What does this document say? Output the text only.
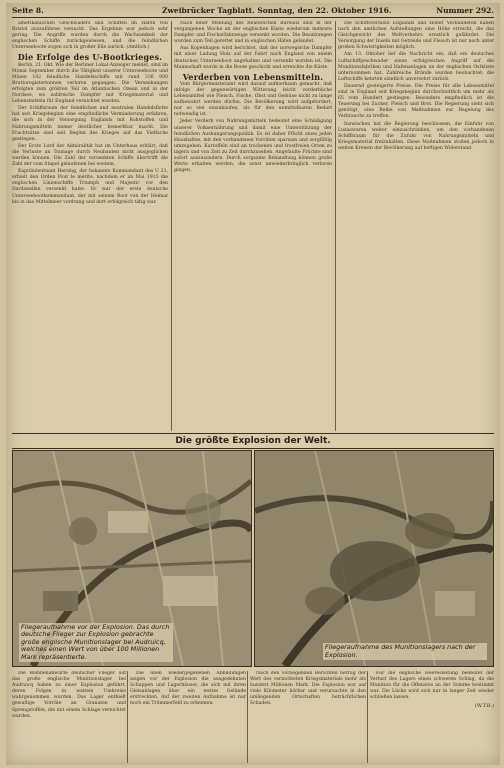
Seite 8.	Zweibrücker Tagblatt. Sonntag, den 22. Oktober 1916.	Nummer 292.

amerikanischen Geschwaders und Schiffen im Hafen von Bristol auszuführen versucht. Das Ergebnis war jedoch sehr gering. Die Angriffe wurden durch die Wachsamkeit der englischen Schiffe zurückgewiesen, und die feindlichen Unterseeboote zogen sich in großer Eile zurück. (Amtlich.)

Die Erfolge des U-Bootkrieges.

Berlin, 21. Okt. Wie der Berliner Lokal-Anzeiger meldet, sind im Monat September durch die Tätigkeit unserer Unterseeboote und Minen 182 feindliche Handelsschiffe mit rund 336 000 Bruttoregistertonnen verloren gegangen. Die Versenkungen erfolgten zum größten Teil im Atlantischen Ozean und in der Nordsee, wo zahlreiche Dampfer mit Kriegsmaterial und Lebensmitteln für England vernichtet wurden.

Der Schiffsraum der feindlichen und neutralen Handelsflotte hat seit Kriegsbeginn eine empfindliche Verminderung erfahren, die sich in der Versorgung Englands mit Rohstoffen und Nahrungsmitteln immer deutlicher bemerkbar macht. Die Frachtsätze sind seit Beginn des Krieges auf das Vielfache gestiegen.

Der Erste Lord der Admiralität hat im Unterhaus erklärt, daß die Verluste an Tonnage durch Neubauten nicht ausgeglichen werden können. Die Zahl der versenkten Schiffe übertrifft die Zahl der vom Stapel gelaufenen bei weitem.

Kapitänleutnant Hersing, der bekannte Kommandant des U 21, erhielt den Orden Pour le mérite, nachdem er im Mai 1915 die englischen Linienschiffe Triumph und Majestic vor den Dardanellen versenkt hatte. Er war der erste deutsche Unterseebootkommandant, der mit seinem Boot von der Heimat bis in das Mittelmeer vordrang und dort erfolgreich tätig war.

Nach einer Meldung des Reuterschen Bureaus sind in der vergangenen Woche an der englischen Küste wiederum mehrere Dampfer und Fischerfahrzeuge versenkt worden. Die Besatzungen wurden zum Teil gerettet und in englischen Häfen gelandet.

Aus Kopenhagen wird berichtet, daß der norwegische Dampfer mit einer Ladung Holz auf der Fahrt nach England von einem deutschen Unterseeboot angehalten und versenkt worden ist. Die Mannschaft wurde in die Boote geschickt und erreichte die Küste.

Verderben von Lebensmitteln.

Vom Bürgermeisteramt wird darauf aufmerksam gemacht, daß infolge der gegenwärtigen Witterung leicht verderbliche Lebensmittel wie Fleisch, Fische, Obst und Gemüse nicht zu lange aufbewahrt werden dürfen. Die Bevölkerung wird aufgefordert, nur so viel einzukaufen, als für den unmittelbaren Bedarf notwendig ist.

Jeder Verderb von Nahrungsmitteln bedeutet eine Schädigung unserer Volksernährung und damit eine Unterstützung der feindlichen Aushungerungspolitik. Es ist daher Pflicht eines jeden Haushaltes, mit den vorhandenen Vorräten sparsam und sorgfältig umzugehen. Kartoffeln sind an trockenen und frostfreien Orten zu lagern und von Zeit zu Zeit durchzusehen. Angefaulte Früchte sind sofort auszusondern. Durch sorgsame Behandlung können große Werte erhalten werden, die sonst unwiederbringlich verloren gingen.

Die Schiffsverluste Englands und seiner Verbündeten haben nach den amtlichen Aufstellungen eine Höhe erreicht, die das Gleichgewicht des Weltverkehrs ernstlich gefährdet. Die Versorgung der Inseln mit Getreide und Fleisch ist nur noch unter großen Schwierigkeiten möglich.

Am 13. Oktober lief die Nachricht ein, daß ein deutsches Luftschiffgeschwader einen erfolgreichen Angriff auf die Munitionsfabriken und Hafenanlagen an der englischen Ostküste unternommen hat. Zahlreiche Brände wurden beobachtet; die Luftschiffe kehrten sämtlich unversehrt zurück.

Dauernd gesteigerte Preise. Die Preise für alle Lebensmittel sind in England seit Kriegsbeginn durchschnittlich um mehr als 65 vom Hundert gestiegen. Besonders empfindlich ist die Teuerung bei Zucker, Fleisch und Brot. Die Regierung sieht sich genötigt, eine Reihe von Maßnahmen zur Regelung des Verbrauchs zu treffen.

Inzwischen hat die Regierung beschlossen, die Einfuhr von Luxuswaren weiter einzuschränken, um den vorhandenen Schiffsraum für die Zufuhr von Nahrungsmitteln und Kriegsmaterial freizuhalten. Diese Maßnahmen stoßen jedoch in weiten Kreisen der Bevölkerung auf heftigen Widerstand.

Die größte Explosion der Welt.
Fliegeraufnahme vor der Explosion. Das durch deutsche Flieger zur Explosion gebrachte große englische Munitionslager bei Audruicq, welches einen Wert von über 100 Millionen Mark repräsentierte.
Fliegeraufnahme des Munitionslagers nach der Explosion.

Die Bombenabwürfe deutscher Flieger auf das große englische Munitionslager bei Audruicq haben zu einer Explosion geführt, deren Folgen in weitem Umkreise wahrgenommen wurden. Das Lager enthielt gewaltige Vorräte an Granaten und Sprengstoffen, die mit einem Schlage vernichtet wurden.

Die oben wiedergegebenen Abbildungen zeigen vor der Explosion die ausgedehnten Schuppen und Lagerhäuser, die sich mit ihren Gleisanlagen über ein weites Gelände erstreckten. Auf der zweiten Aufnahme ist nur noch ein Trümmerfeld zu erkennen.

Nach den vorliegenden Berichten betrug der Wert des vernichteten Kriegsmaterials mehr als hundert Millionen Mark. Die Explosion war auf viele Kilometer hörbar und verursachte in den umliegenden Ortschaften beträchtlichen Schaden.

Für die englische Heeresleitung bedeutet der Verlust des Lagers einen schweren Schlag, da die Munition für die Offensive an der Somme bestimmt war. Die Lücke wird sich nur in langer Zeit wieder schließen lassen.

(W.T.B.)
